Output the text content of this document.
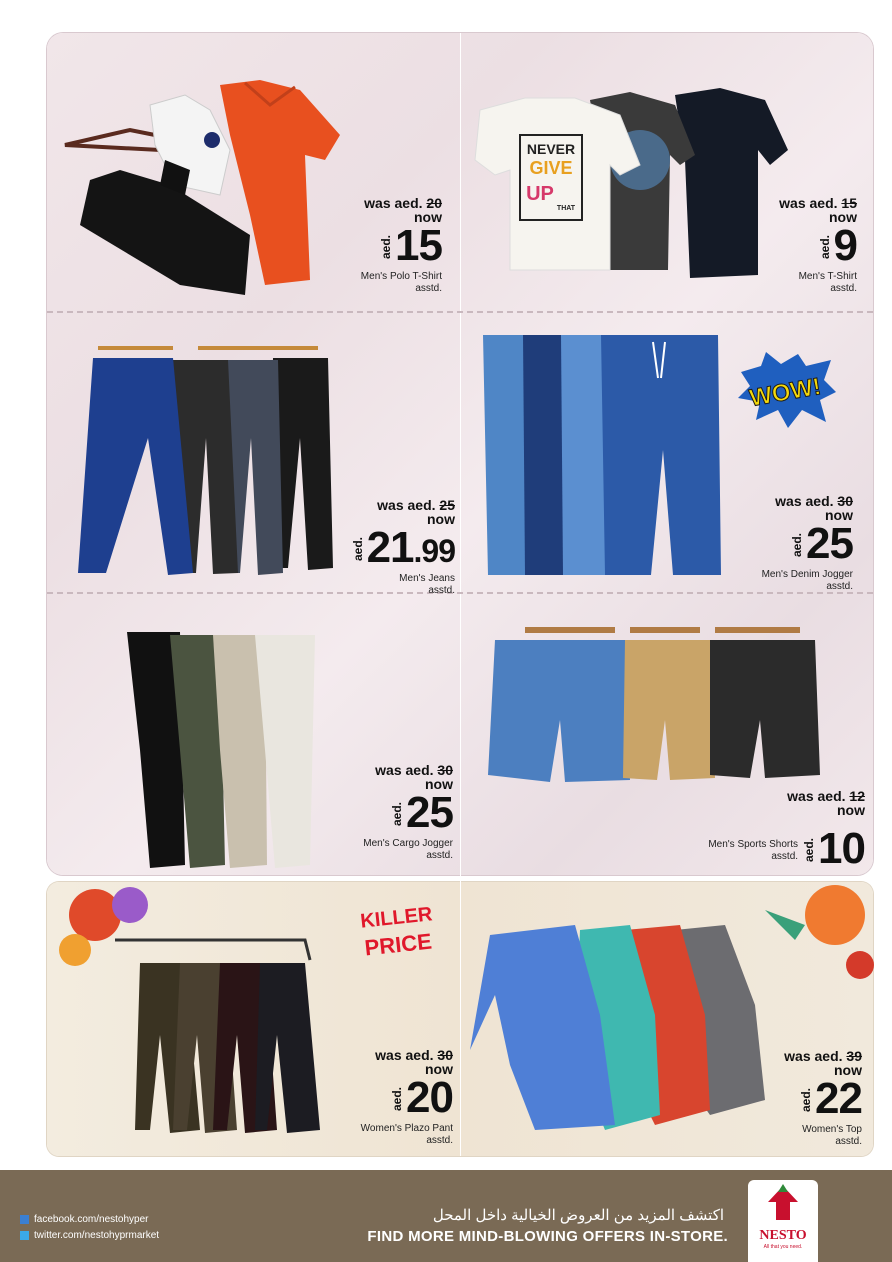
NEVER
GIVE
UP
THAT
WOW!
KILLER
PRICE
was aed. 20
now
aed. 15
Men's Polo T-Shirt
asstd.
was aed. 15
now
aed. 9
Men's T-Shirt
asstd.
was aed. 25
now
aed. 21.99
Men's Jeans
asstd.
was aed. 30
now
aed. 25
Men's Denim Jogger
asstd.
was aed. 30
now
aed. 25
Men's Cargo Jogger
asstd.
was aed. 12
now
Men's Sports Shorts
asstd. aed. 10
was aed. 30
now
aed. 20
Women's Plazo Pant
asstd.
was aed. 39
now
aed. 22
Women's Top
asstd.
facebook.com/nestohyper
twitter.com/nestohyprmarket
اكتشف المزيد من العروض الخيالية داخل المحل
FIND MORE MIND-BLOWING OFFERS IN-STORE.	NESTO
All that you need.
